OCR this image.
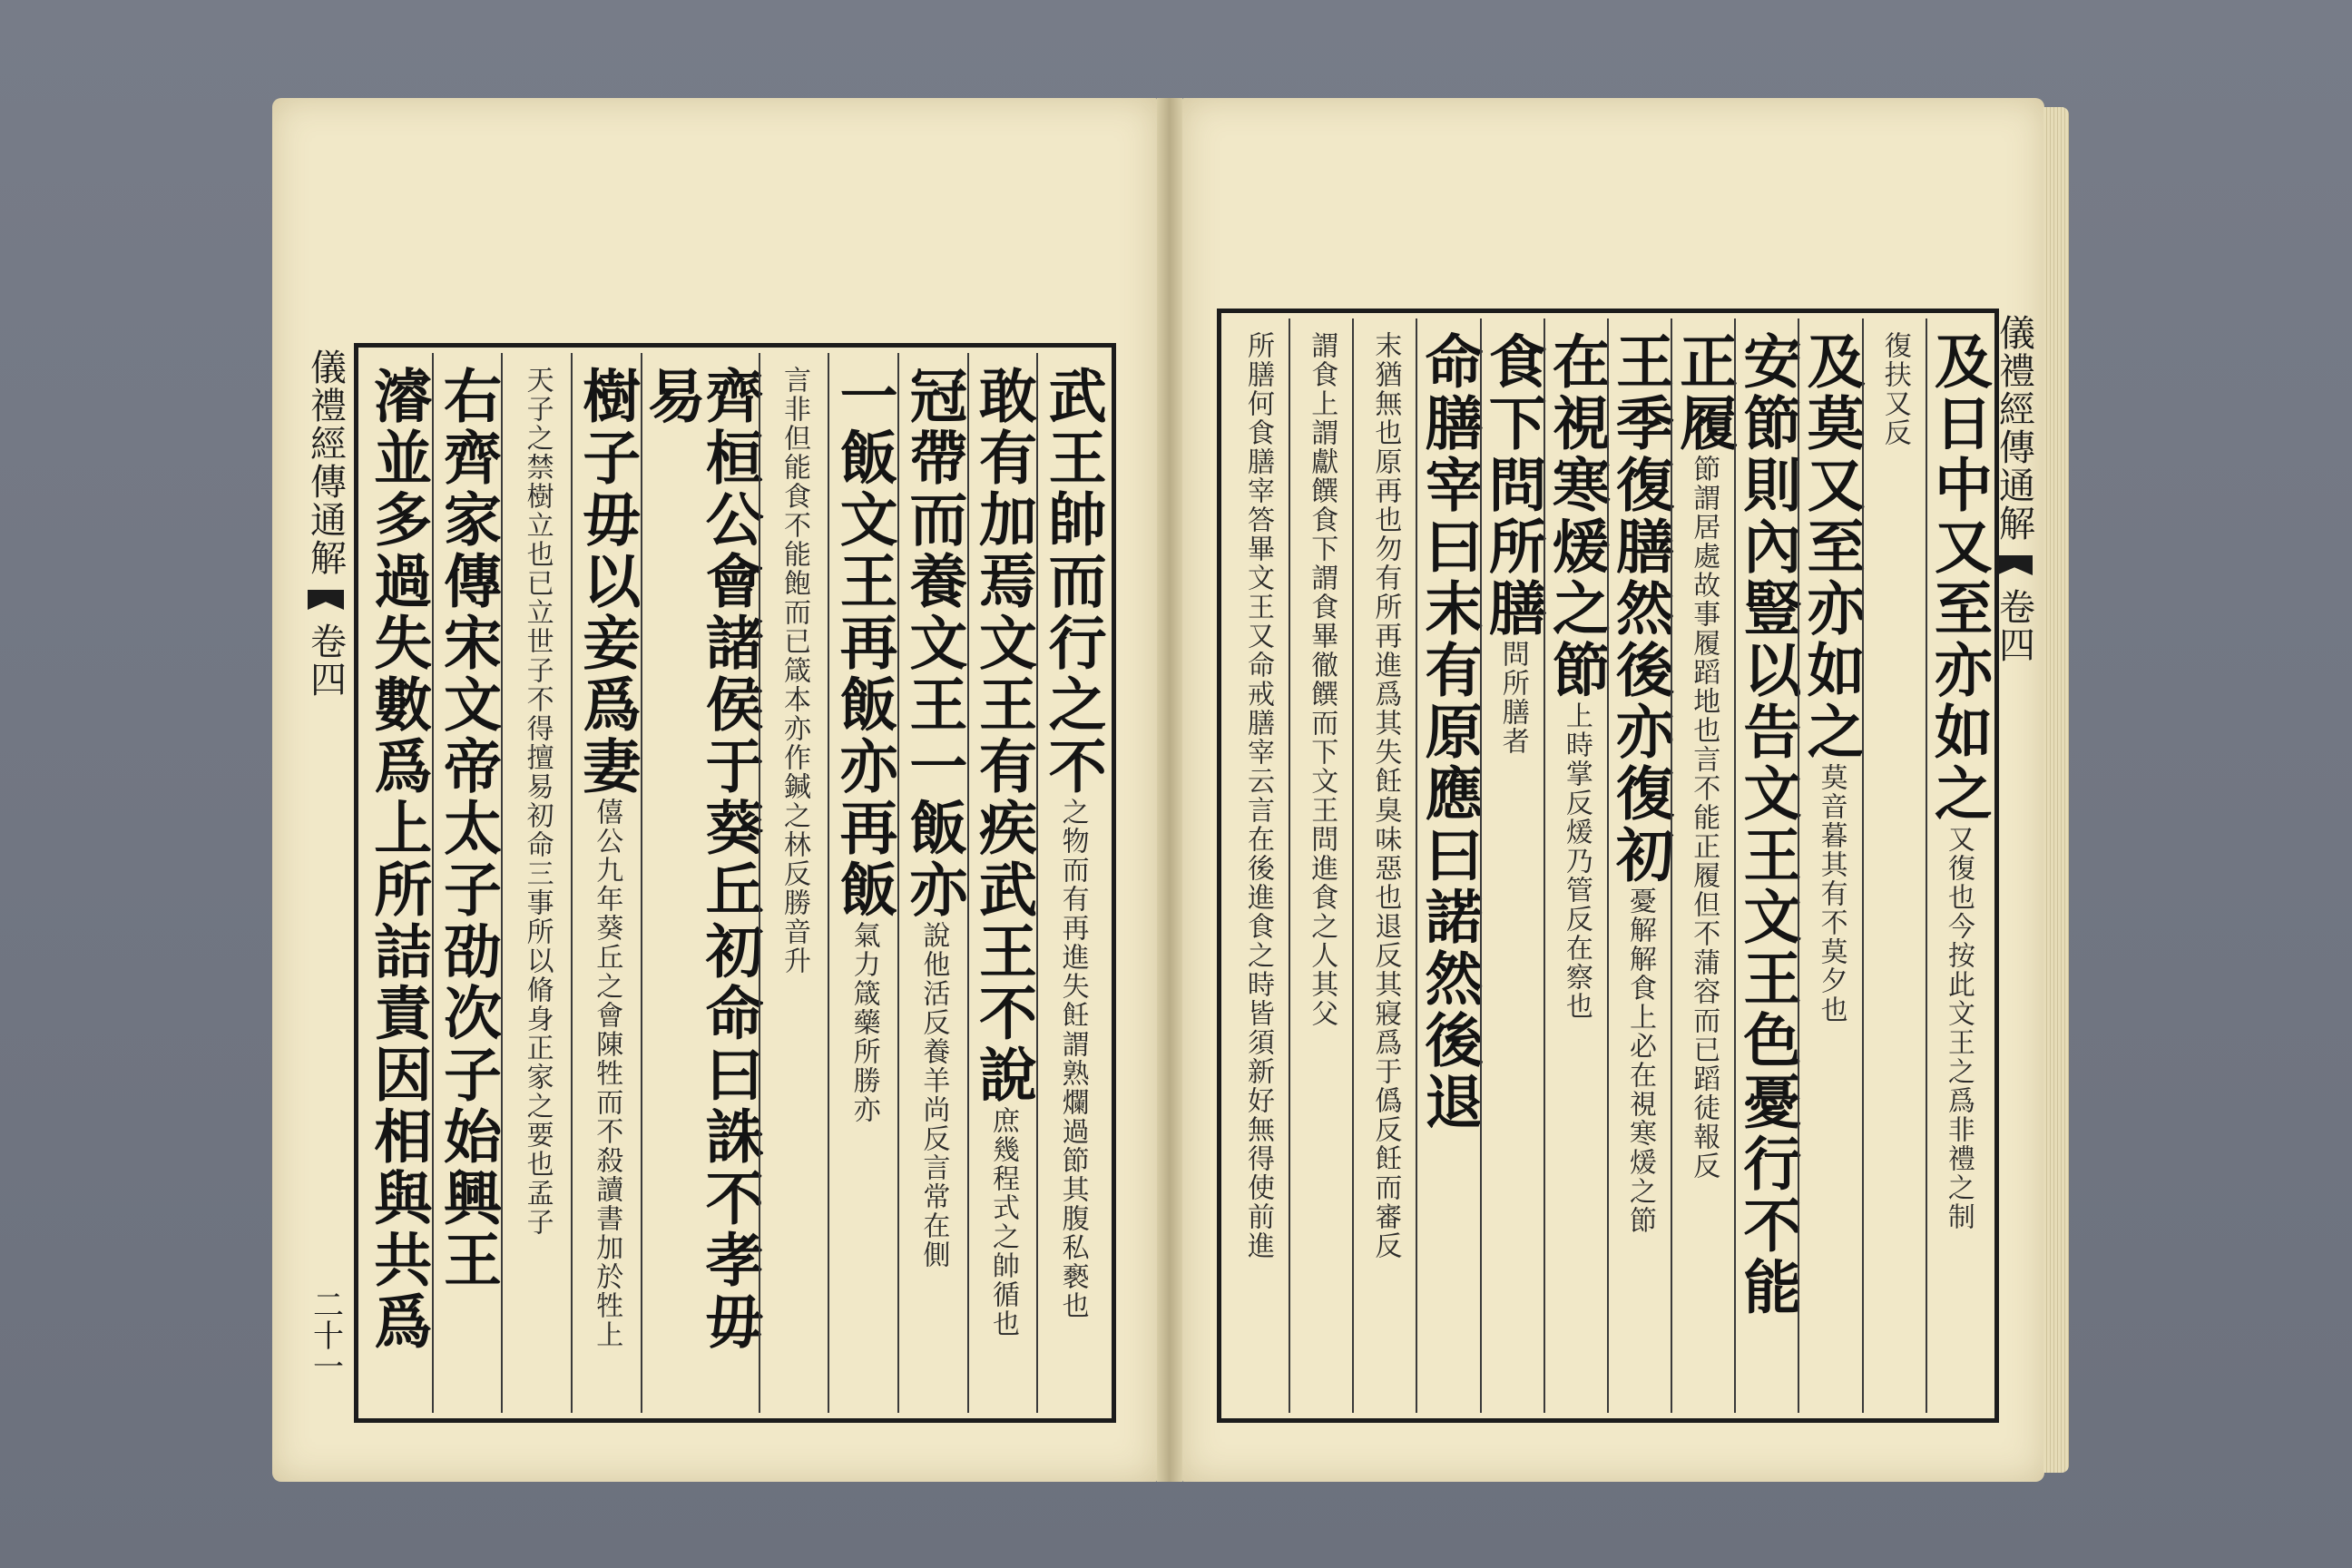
儀禮經傳通解
卷四
二十一
武王帥而行之不之物而有再進失飪謂熟爛過節其腹私褻也
敢有加焉文王有疾武王不說庶幾程式之帥循也
冠帶而養文王一飯亦說他活反養羊尚反言常在側
一飯文王再飯亦再飯氣力箴藥所勝亦
言非但能食不能飽而已箴本亦作鍼之林反勝音升
齊桓公會諸侯于葵丘初命曰誅不孝毋易
樹子毋以妾爲妻僖公九年葵丘之會陳牲而不殺讀書加於牲上
天子之禁樹立也已立世子不得擅易初命三事所以脩身正家之要也孟子
右齊家傳宋文帝太子劭次子始興王
濬並多過失數爲上所詰責因相與共爲	及日中又至亦如之又復也今按此文王之爲非禮之制
復扶又反
及莫又至亦如之莫音暮其有不莫夕也
安節則內豎以告文王文王色憂行不能
正履節謂居處故事履蹈地也言不能正履但不蒲容而已蹈徒報反
王季復膳然後亦復初憂解解食上必在視寒煖之節
在視寒煖之節上時掌反煖乃管反在察也
食下問所膳問所膳者
命膳宰曰末有原應曰諾然後退
末猶無也原再也勿有所再進爲其失飪臭味惡也退反其寢爲于僞反飪而審反
謂食上謂獻饌食下謂食畢徹饌而下文王問進食之人其父
所膳何食膳宰答畢文王又命戒膳宰云言在後進食之時皆須新好無得使前進	儀禮經傳通解
卷四
